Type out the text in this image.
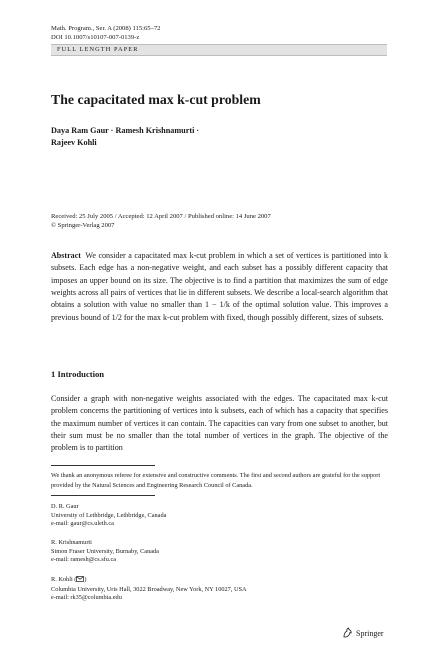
Math. Program., Ser. A (2008) 115:65–72
DOI 10.1007/s10107-007-0139-z
FULL LENGTH PAPER
The capacitated max k-cut problem
Daya Ram Gaur · Ramesh Krishnamurti ·
Rajeev Kohli
Received: 25 July 2005 / Accepted: 12 April 2007 / Published online: 14 June 2007
© Springer-Verlag 2007

Abstract We consider a capacitated max k-cut problem in which a set of vertices is partitioned into k subsets. Each edge has a non-negative weight, and each subset has a possibly different capacity that imposes an upper bound on its size. The objective is to find a partition that maximizes the sum of edge weights across all pairs of vertices that lie in different subsets. We describe a local-search algorithm that obtains a solution with value no smaller than 1 − 1/k of the optimal solution value. This improves a previous bound of 1/2 for the max k-cut problem with fixed, though possibly different, sizes of subsets.

1 Introduction

Consider a graph with non-negative weights associated with the edges. The capacitated max k-cut problem concerns the partitioning of vertices into k subsets, each of which has a capacity that specifies the maximum number of vertices it can contain. The capacities can vary from one subset to another, but their sum must be no smaller than the total number of vertices in the graph. The objective of the problem is to partition

We thank an anonymous referee for extensive and constructive comments. The first and second authors are grateful for the support provided by the Natural Sciences and Engineering Research Council of Canada.

D. R. Gaur
University of Lethbridge, Lethbridge, Canada
e-mail: gaur@cs.uleth.ca
R. Krishnamurti
Simon Fraser University, Burnaby, Canada
e-mail: ramesh@cs.sfu.ca
R. Kohli ( )
Columbia University, Uris Hall, 3022 Broadway, New York, NY 10027, USA
e-mail: rk35@columbia.edu
Springer
